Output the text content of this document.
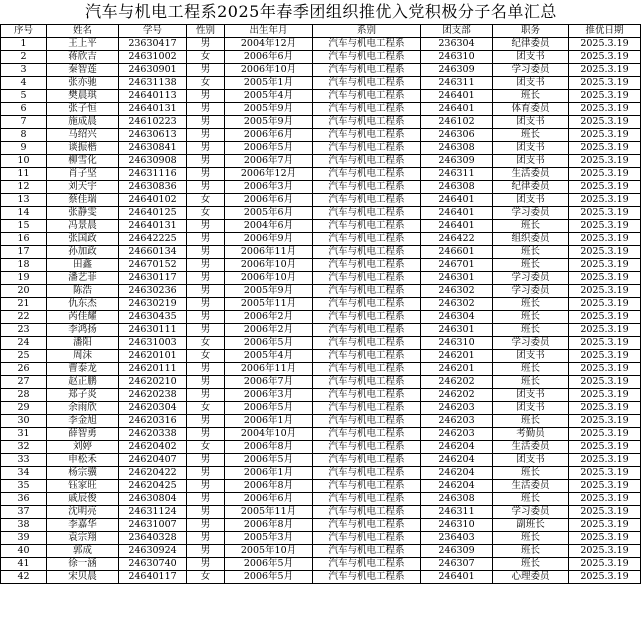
汽车与机电工程系2025年春季团组织推优入党积极分子名单汇总
序号	姓名	学号	性别	出生年月	系别	团支部	职务	推优日期
1	王上平	23630417	男	2004年12月	汽车与机电工程系	236304	纪律委员	2025.3.19
2	蒋欣吉	24631002	女	2006年6月	汽车与机电工程系	246310	团支书	2025.3.19
3	秦智莲	24630901	男	2006年10月	汽车与机电工程系	246309	学习委员	2025.3.19
4	张亦驰	24631138	女	2005年1月	汽车与机电工程系	246311	团支书	2025.3.19
5	樊晨琪	24640113	男	2005年4月	汽车与机电工程系	246401	班长	2025.3.19
6	张子恒	24640131	男	2005年9月	汽车与机电工程系	246401	体育委员	2025.3.19
7	施成晨	24610223	男	2005年9月	汽车与机电工程系	246102	团支书	2025.3.19
8	马绍兴	24630613	男	2006年6月	汽车与机电工程系	246306	班长	2025.3.19
9	谈振楷	24630841	男	2006年5月	汽车与机电工程系	246308	团支书	2025.3.19
10	柳雪化	24630908	男	2006年7月	汽车与机电工程系	246309	团支书	2025.3.19
11	肖子坚	24631116	男	2006年12月	汽车与机电工程系	246311	生活委员	2025.3.19
12	刘天宇	24630836	男	2006年3月	汽车与机电工程系	246308	纪律委员	2025.3.19
13	蔡佳瑞	24640102	女	2006年6月	汽车与机电工程系	246401	团支书	2025.3.19
14	张静雯	24640125	女	2005年6月	汽车与机电工程系	246401	学习委员	2025.3.19
15	冯景晨	24640131	男	2004年6月	汽车与机电工程系	246401	班长	2025.3.19
16	张国政	24642225	男	2006年9月	汽车与机电工程系	246422	组织委员	2025.3.19
17	孙加政	24660134	男	2006年11月	汽车与机电工程系	246601	班长	2025.3.19
18	田鑫	24670152	男	2006年10月	汽车与机电工程系	246701	班长	2025.3.19
19	潘艺菲	24630117	男	2006年10月	汽车与机电工程系	246301	学习委员	2025.3.19
20	陈浩	24630236	男	2005年9月	汽车与机电工程系	246302	学习委员	2025.3.19
21	仇东杰	24630219	男	2005年11月	汽车与机电工程系	246302	班长	2025.3.19
22	芮佳耀	24630435	男	2006年2月	汽车与机电工程系	246304	班长	2025.3.19
23	李鸿扬	24630111	男	2006年2月	汽车与机电工程系	246301	班长	2025.3.19
24	潘阳	24631003	女	2006年5月	汽车与机电工程系	246310	学习委员	2025.3.19
25	周沫	24620101	女	2005年4月	汽车与机电工程系	246201	团支书	2025.3.19
26	曹泰龙	24620111	男	2006年11月	汽车与机电工程系	246201	班长	2025.3.19
27	赵正鹏	24620210	男	2006年7月	汽车与机电工程系	246202	班长	2025.3.19
28	郑子炎	24620238	男	2006年3月	汽车与机电工程系	246202	团支书	2025.3.19
29	余雨欣	24620304	女	2006年5月	汽车与机电工程系	246203	团支书	2025.3.19
30	李金旭	24620316	男	2006年1月	汽车与机电工程系	246203	班长	2025.3.19
31	薛智勇	24620338	男	2004年10月	汽车与机电工程系	246203	考勤员	2025.3.19
32	刘婷	24620402	女	2006年8月	汽车与机电工程系	246204	生活委员	2025.3.19
33	申松禾	24620407	男	2006年5月	汽车与机电工程系	246204	团支书	2025.3.19
34	杨宗骥	24620422	男	2006年1月	汽车与机电工程系	246204	班长	2025.3.19
35	钰家旺	24620425	男	2006年8月	汽车与机电工程系	246204	生活委员	2025.3.19
36	戚辰俊	24630804	男	2006年6月	汽车与机电工程系	246308	班长	2025.3.19
37	沈明亮	24631124	男	2005年11月	汽车与机电工程系	246311	学习委员	2025.3.19
38	李嘉华	24631007	男	2006年8月	汽车与机电工程系	246310	副班长	2025.3.19
39	袁宗翔	23640328	男	2005年3月	汽车与机电工程系	236403	班长	2025.3.19
40	郭成	24630924	男	2005年10月	汽车与机电工程系	246309	班长	2025.3.19
41	徐一涵	24630740	男	2006年5月	汽车与机电工程系	246307	班长	2025.3.19
42	宋贝晨	24640117	女	2006年5月	汽车与机电工程系	246401	心理委员	2025.3.19
